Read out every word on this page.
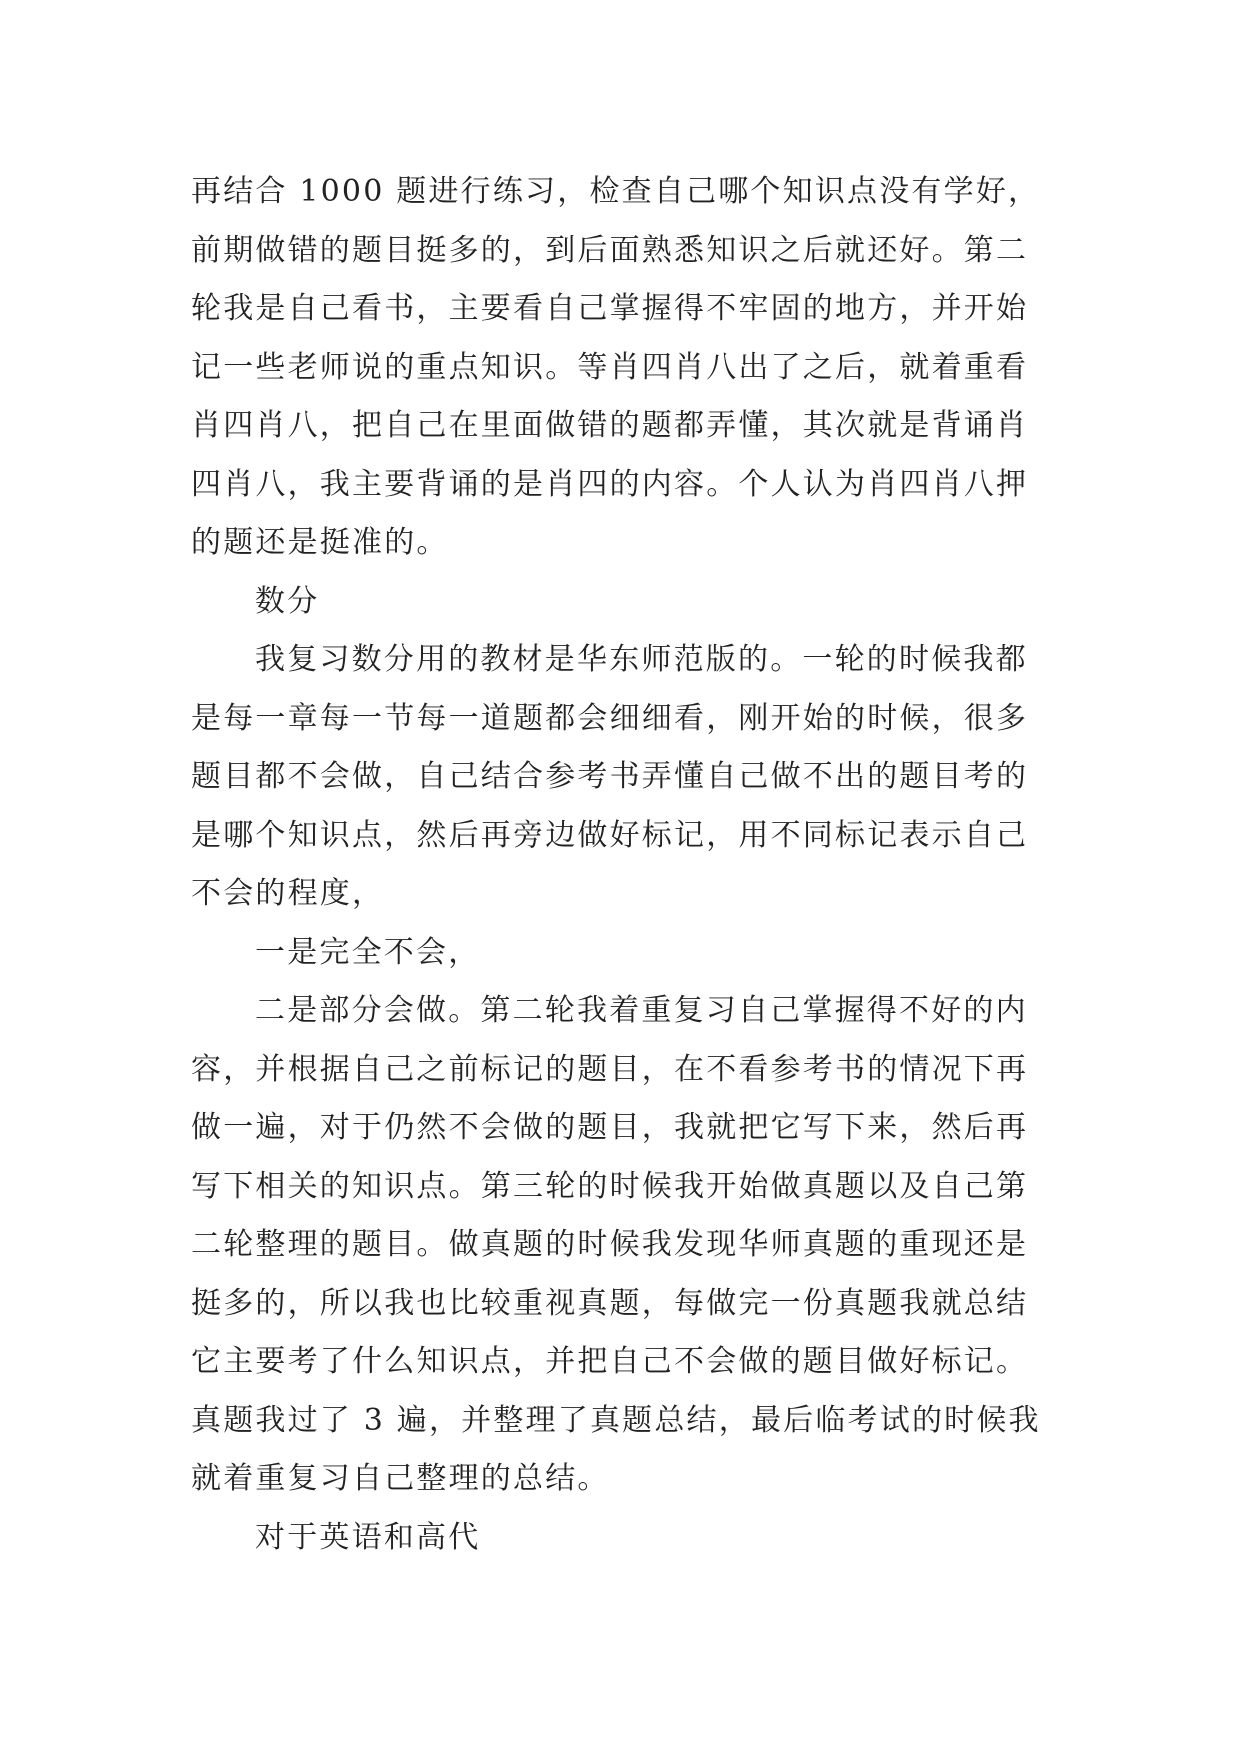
再结合 1000 题进行练习，检查自己哪个知识点没有学好，
前期做错的题目挺多的，到后面熟悉知识之后就还好。第二
轮我是自己看书，主要看自己掌握得不牢固的地方，并开始
记一些老师说的重点知识。等肖四肖八出了之后，就着重看
肖四肖八，把自己在里面做错的题都弄懂，其次就是背诵肖
四肖八，我主要背诵的是肖四的内容。个人认为肖四肖八押
的题还是挺准的。
数分
我复习数分用的教材是华东师范版的。一轮的时候我都
是每一章每一节每一道题都会细细看，刚开始的时候，很多
题目都不会做，自己结合参考书弄懂自己做不出的题目考的
是哪个知识点，然后再旁边做好标记，用不同标记表示自己
不会的程度，
一是完全不会，
二是部分会做。第二轮我着重复习自己掌握得不好的内
容，并根据自己之前标记的题目，在不看参考书的情况下再
做一遍，对于仍然不会做的题目，我就把它写下来，然后再
写下相关的知识点。第三轮的时候我开始做真题以及自己第
二轮整理的题目。做真题的时候我发现华师真题的重现还是
挺多的，所以我也比较重视真题，每做完一份真题我就总结
它主要考了什么知识点，并把自己不会做的题目做好标记。
真题我过了 3 遍，并整理了真题总结，最后临考试的时候我
就着重复习自己整理的总结。
对于英语和高代
